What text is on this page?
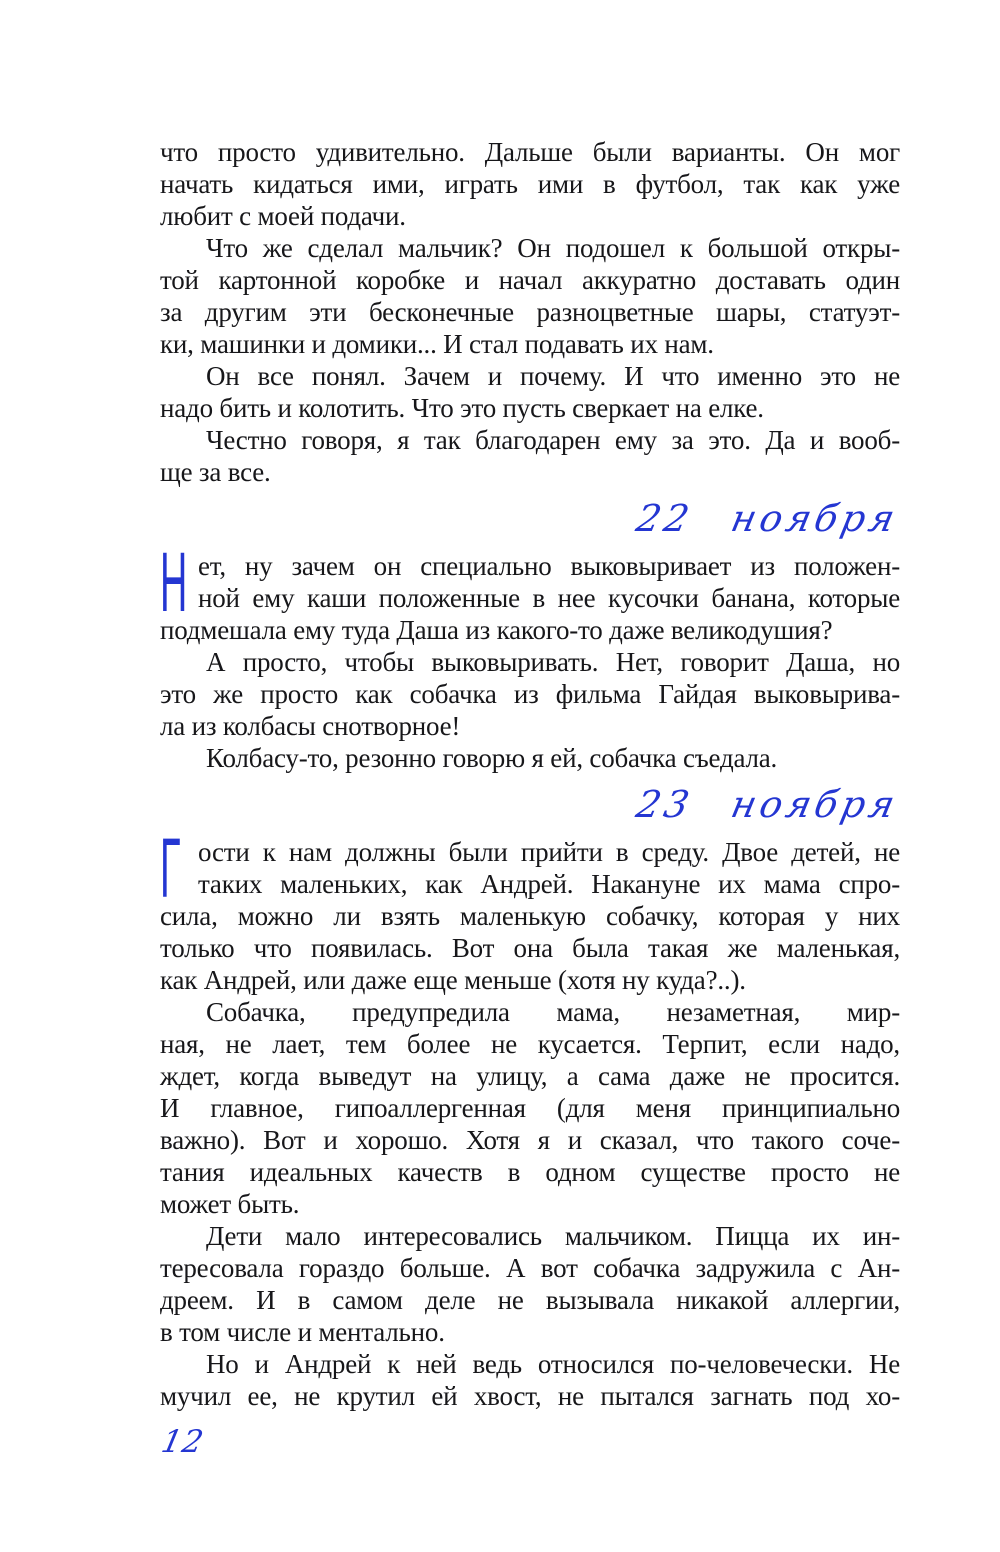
что просто удивительно. Дальше были варианты. Он мог
начать кидаться ими, играть ими в футбол, так как уже
любит с моей подачи.
Что же сделал мальчик? Он подошел к большой откры-
той картонной коробке и начал аккуратно доставать один
за другим эти бесконечные разноцветные шары, статуэт-
ки, машинки и домики... И стал подавать их нам.
Он все понял. Зачем и почему. И что именно это не
надо бить и колотить. Что это пусть сверкает на елке.
Честно говоря, я так благодарен ему за это. Да и вооб-
ще за все.
22 ноября
Н ет, ну зачем он специально выковыривает из положен-
ной ему каши положенные в нее кусочки банана, которые
подмешала ему туда Даша из какого-то даже великодушия?
А просто, чтобы выковыривать. Нет, говорит Даша, но
это же просто как собачка из фильма Гайдая выковырива-
ла из колбасы снотворное!
Колбасу-то, резонно говорю я ей, собачка съедала.
23 ноября
Г ости к нам должны были прийти в среду. Двое детей, не
таких маленьких, как Андрей. Накануне их мама спро-
сила, можно ли взять маленькую собачку, которая у них
только что появилась. Вот она была такая же маленькая,
как Андрей, или даже еще меньше (хотя ну куда?..).
Собачка, предупредила мама, незаметная, мир-
ная, не лает, тем более не кусается. Терпит, если надо,
ждет, когда выведут на улицу, а сама даже не просится.
И главное, гипоаллергенная (для меня принципиально
важно). Вот и хорошо. Хотя я и сказал, что такого соче-
тания идеальных качеств в одном существе просто не
может быть.
Дети мало интересовались мальчиком. Пицца их ин-
тересовала гораздо больше. А вот собачка задружила с Ан-
дреем. И в самом деле не вызывала никакой аллергии,
в том числе и ментально.
Но и Андрей к ней ведь относился по-человечески. Не
мучил ее, не крутил ей хвост, не пытался загнать под хо-
12
